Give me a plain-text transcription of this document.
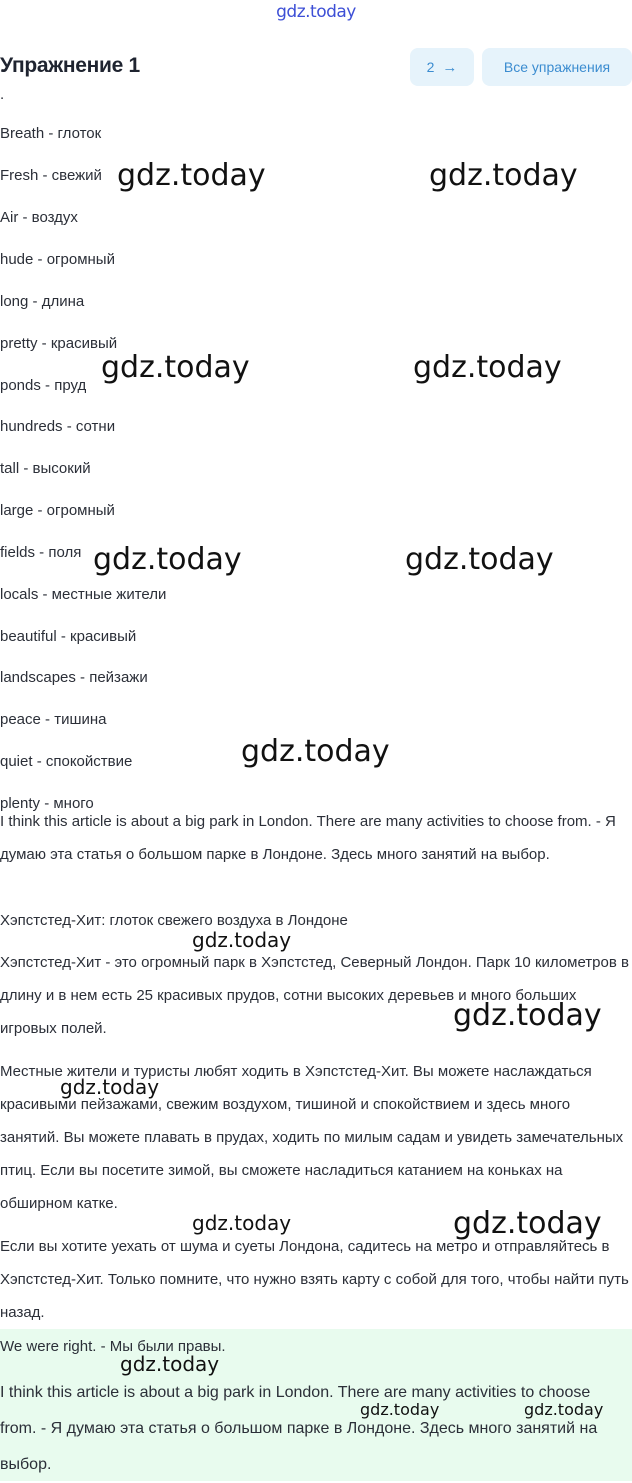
gdz.today
Упражнение 1	2 →	Все упражнения
.
Breath - глоток
Fresh - свежий
Air - воздух
hude - огромный
long - длина
pretty - красивый
ponds - пруд
hundreds - сотни
tall - высокий
large - огромный
fields - поля
locals - местные жители
beautiful - красивый
landscapes - пейзажи
peace - тишина
quiet - спокойствие
plenty - много

I think this article is about a big park in London. There are many activities to choose from. - Я думаю эта статья о большом парке в Лондоне. Здесь много занятий на выбор.

Хэпстстед-Хит: глоток свежего воздуха в Лондоне

Хэпстстед-Хит - это огромный парк в Хэпстстед, Северный Лондон. Парк 10 километров в длину и в нем есть 25 красивых прудов, сотни высоких деревьев и много больших игровых полей.

Местные жители и туристы любят ходить в Хэпстстед-Хит. Вы можете наслаждаться красивыми пейзажами, свежим воздухом, тишиной и спокойствием и здесь много занятий. Вы можете плавать в прудах, ходить по милым садам и увидеть замечательных птиц. Если вы посетите зимой, вы сможете насладиться катанием на коньках на обширном катке.

Если вы хотите уехать от шума и суеты Лондона, садитесь на метро и отправляйтесь в Хэпстстед-Хит. Только помните, что нужно взять карту с собой для того, чтобы найти путь назад.

We were right. - Мы были правы.

I think this article is about a big park in London. There are many activities to choose from. - Я думаю эта статья о большом парке в Лондоне. Здесь много занятий на выбор.

gdz.today	gdz.today
gdz.today	gdz.today
gdz.today	gdz.today
gdz.today
gdz.today
gdz.today
gdz.today
gdz.today	gdz.today
gdz.today
gdz.today	gdz.today
